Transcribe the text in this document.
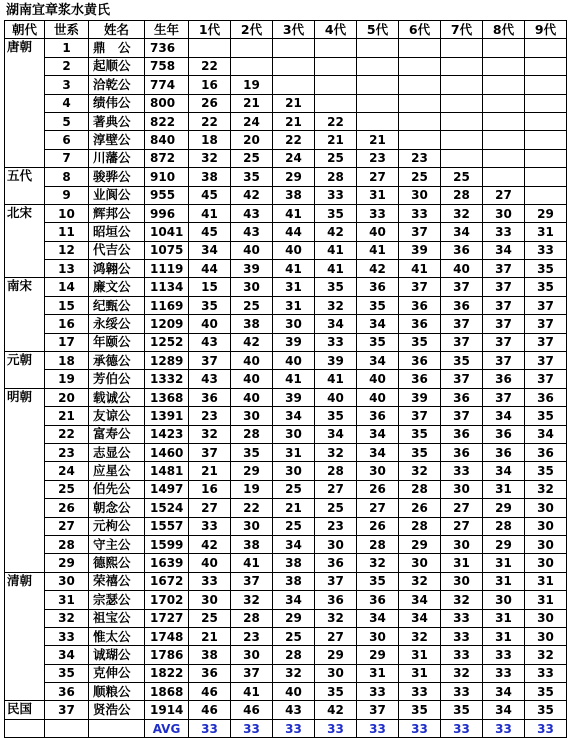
湖南宜章浆水黄氏
朝代	世系	姓名	生年	1代	2代	3代	4代	5代	6代	7代	8代	9代
唐朝	1	鼎　公	736									
	2	起顺公	758	22								
	3	洽乾公	774	16	19							
	4	绩伟公	800	26	21	21						
	5	著典公	822	22	24	21	22					
	6	淳壁公	840	18	20	22	21	21				
	7	川藩公	872	32	25	24	25	23	23			
五代	8	骏骅公	910	38	35	29	28	27	25	25		
	9	业阆公	955	45	42	38	33	31	30	28	27	
北宋	10	辉邦公	996	41	43	41	35	33	33	32	30	29
	11	昭垣公	1041	45	43	44	42	40	37	34	33	31
	12	代吉公	1075	34	40	40	41	41	39	36	34	33
	13	鸿翱公	1119	44	39	41	41	42	41	40	37	35
南宋	14	廉文公	1134	15	30	31	35	36	37	37	37	35
	15	纪甄公	1169	35	25	31	32	35	36	36	37	37
	16	永绥公	1209	40	38	30	34	34	36	37	37	37
	17	年颐公	1252	43	42	39	33	35	35	37	37	37
元朝	18	承德公	1289	37	40	40	39	34	36	35	37	37
	19	芳伯公	1332	43	40	41	41	40	36	37	36	37
明朝	20	载诚公	1368	36	40	39	40	40	39	36	37	36
	21	友谅公	1391	23	30	34	35	36	37	37	34	35
	22	富寿公	1423	32	28	30	34	34	35	36	36	34
	23	志显公	1460	37	35	31	32	34	35	36	36	36
	24	应星公	1481	21	29	30	28	30	32	33	34	35
	25	伯先公	1497	16	19	25	27	26	28	30	31	32
	26	朝念公	1524	27	22	21	25	27	26	27	29	30
	27	元枸公	1557	33	30	25	23	26	28	27	28	30
	28	守主公	1599	42	38	34	30	28	29	30	29	30
	29	德熙公	1639	40	41	38	36	32	30	31	31	30
清朝	30	荣禧公	1672	33	37	38	37	35	32	30	31	31
	31	宗瑟公	1702	30	32	34	36	36	34	32	30	31
	32	祖宝公	1727	25	28	29	32	34	34	33	31	30
	33	惟太公	1748	21	23	25	27	30	32	33	31	30
	34	诚瑚公	1786	38	30	28	29	29	31	33	33	32
	35	克伸公	1822	36	37	32	30	31	31	32	33	33
	36	顺粮公	1868	46	41	40	35	33	33	33	34	35
民国	37	贤浩公	1914	46	46	43	42	37	35	35	34	35
			AVG	33	33	33	33	33	33	33	33	33
